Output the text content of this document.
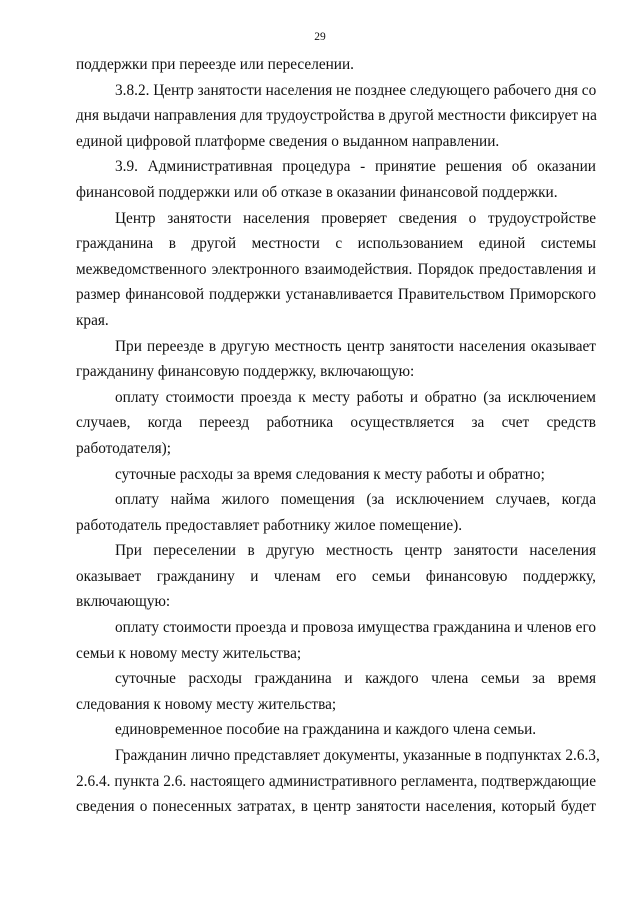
29
поддержки при переезде или переселении.
3.8.2. Центр занятости населения не позднее следующего рабочего дня со
дня выдачи направления для трудоустройства в другой местности фиксирует на
единой цифровой платформе сведения о выданном направлении.
3.9. Административная процедура - принятие решения об оказании
финансовой поддержки или об отказе в оказании финансовой поддержки.
Центр занятости населения проверяет сведения о трудоустройстве
гражданина в другой местности с использованием единой системы
межведомственного электронного взаимодействия. Порядок предоставления и
размер финансовой поддержки устанавливается Правительством Приморского
края.
При переезде в другую местность центр занятости населения оказывает
гражданину финансовую поддержку, включающую:
оплату стоимости проезда к месту работы и обратно (за исключением
случаев, когда переезд работника осуществляется за счет средств
работодателя);
суточные расходы за время следования к месту работы и обратно;
оплату найма жилого помещения (за исключением случаев, когда
работодатель предоставляет работнику жилое помещение).
При переселении в другую местность центр занятости населения
оказывает гражданину и членам его семьи финансовую поддержку,
включающую:
оплату стоимости проезда и провоза имущества гражданина и членов его
семьи к новому месту жительства;
суточные расходы гражданина и каждого члена семьи за время
следования к новому месту жительства;
единовременное пособие на гражданина и каждого члена семьи.
Гражданин лично представляет документы, указанные в подпунктах 2.6.3,
2.6.4. пункта 2.6. настоящего административного регламента, подтверждающие
сведения о понесенных затратах, в центр занятости населения, который будет
